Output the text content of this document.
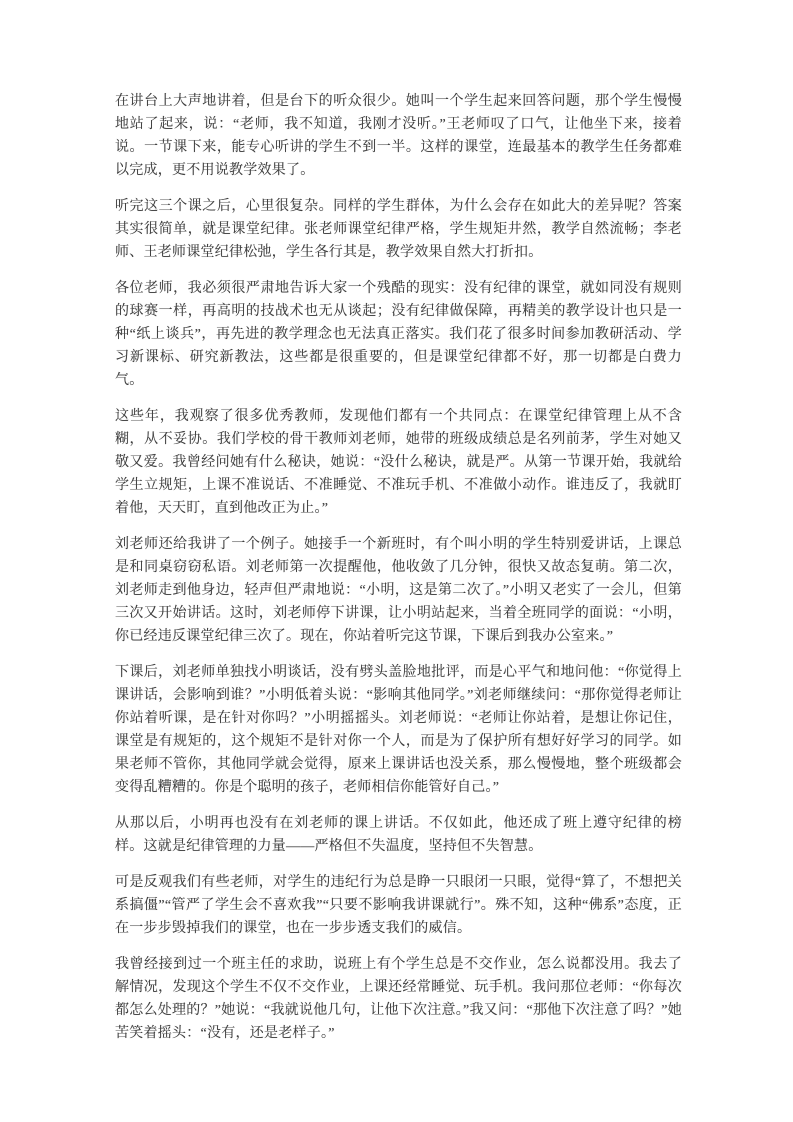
在讲台上大声地讲着，但是台下的听众很少。她叫一个学生起来回答问题，那个学生慢慢地站了起来，说：“老师，我不知道，我刚才没听。”王老师叹了口气，让他坐下来，接着说。一节课下来，能专心听讲的学生不到一半。这样的课堂，连最基本的教学生任务都难以完成，更不用说教学效果了。

听完这三个课之后，心里很复杂。同样的学生群体，为什么会存在如此大的差异呢？答案其实很简单，就是课堂纪律。张老师课堂纪律严格，学生规矩井然，教学自然流畅；李老师、王老师课堂纪律松弛，学生各行其是，教学效果自然大打折扣。

各位老师，我必须很严肃地告诉大家一个残酷的现实：没有纪律的课堂，就如同没有规则的球赛一样，再高明的技战术也无从谈起；没有纪律做保障，再精美的教学设计也只是一种“纸上谈兵”，再先进的教学理念也无法真正落实。我们花了很多时间参加教研活动、学习新课标、研究新教法，这些都是很重要的，但是课堂纪律都不好，那一切都是白费力气。

这些年，我观察了很多优秀教师，发现他们都有一个共同点：在课堂纪律管理上从不含糊，从不妥协。我们学校的骨干教师刘老师，她带的班级成绩总是名列前茅，学生对她又敬又爱。我曾经问她有什么秘诀，她说：“没什么秘诀，就是严。从第一节课开始，我就给学生立规矩，上课不准说话、不准睡觉、不准玩手机、不准做小动作。谁违反了，我就盯着他，天天盯，直到他改正为止。”

刘老师还给我讲了一个例子。她接手一个新班时，有个叫小明的学生特别爱讲话，上课总是和同桌窃窃私语。刘老师第一次提醒他，他收敛了几分钟，很快又故态复萌。第二次，刘老师走到他身边，轻声但严肃地说：“小明，这是第二次了。”小明又老实了一会儿，但第三次又开始讲话。这时，刘老师停下讲课，让小明站起来，当着全班同学的面说：“小明，你已经违反课堂纪律三次了。现在，你站着听完这节课，下课后到我办公室来。”

下课后，刘老师单独找小明谈话，没有劈头盖脸地批评，而是心平气和地问他：“你觉得上课讲话，会影响到谁？”小明低着头说：“影响其他同学。”刘老师继续问：“那你觉得老师让你站着听课，是在针对你吗？”小明摇摇头。刘老师说：“老师让你站着，是想让你记住，课堂是有规矩的，这个规矩不是针对你一个人，而是为了保护所有想好好学习的同学。如果老师不管你，其他同学就会觉得，原来上课讲话也没关系，那么慢慢地，整个班级都会变得乱糟糟的。你是个聪明的孩子，老师相信你能管好自己。”

从那以后，小明再也没有在刘老师的课上讲话。不仅如此，他还成了班上遵守纪律的榜样。这就是纪律管理的力量——严格但不失温度，坚持但不失智慧。

可是反观我们有些老师，对学生的违纪行为总是睁一只眼闭一只眼，觉得“算了，不想把关系搞僵”“管严了学生会不喜欢我”“只要不影响我讲课就行”。殊不知，这种“佛系”态度，正在一步步毁掉我们的课堂，也在一步步透支我们的威信。

我曾经接到过一个班主任的求助，说班上有个学生总是不交作业，怎么说都没用。我去了解情况，发现这个学生不仅不交作业，上课还经常睡觉、玩手机。我问那位老师：“你每次都怎么处理的？”她说：“我就说他几句，让他下次注意。”我又问：“那他下次注意了吗？”她苦笑着摇头：“没有，还是老样子。”
